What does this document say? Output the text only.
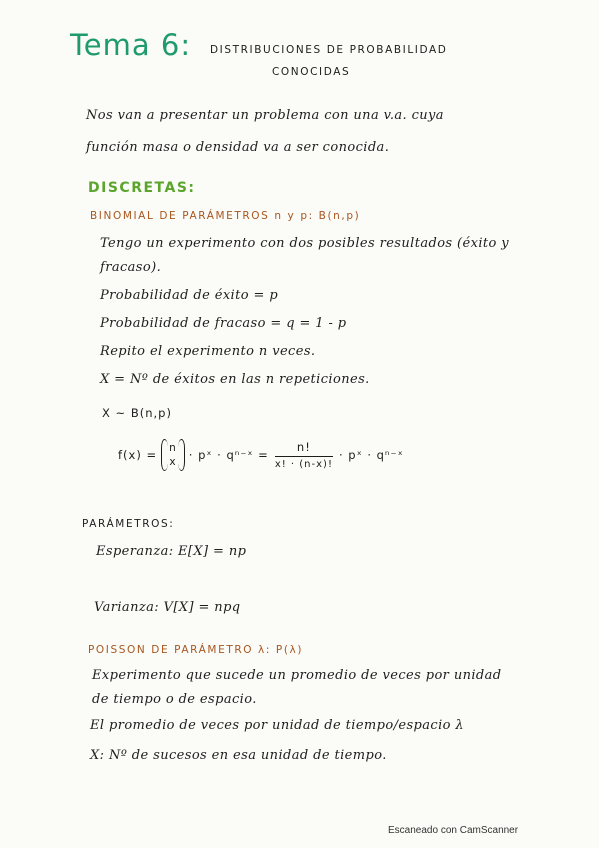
Tema 6: DISTRIBUCIONES DE PROBABILIDAD
CONOCIDAS
Nos van a presentar un problema con una v.a. cuya
función masa o densidad va a ser conocida.
DISCRETAS:
BINOMIAL DE PARÁMETROS n y p: B(n,p)
Tengo un experimento con dos posibles resultados (éxito y
fracaso).
Probabilidad de éxito = p
Probabilidad de fracaso = q = 1 - p
Repito el experimento n veces.
X = Nº de éxitos en las n repeticiones.
X ~ B(n,p)
f(x) = n
x · pˣ · qⁿ⁻ˣ = $\frac{n!}{x! \cdot (n-x)!}$ · pˣ · qⁿ⁻ˣ
PARÁMETROS:
Esperanza: E[X] = np
Varianza: V[X] = npq
POISSON DE PARÁMETRO λ: P(λ)
Experimento que sucede un promedio de veces por unidad
de tiempo o de espacio.
El promedio de veces por unidad de tiempo/espacio λ
X: Nº de sucesos en esa unidad de tiempo.
Escaneado con CamScanner
